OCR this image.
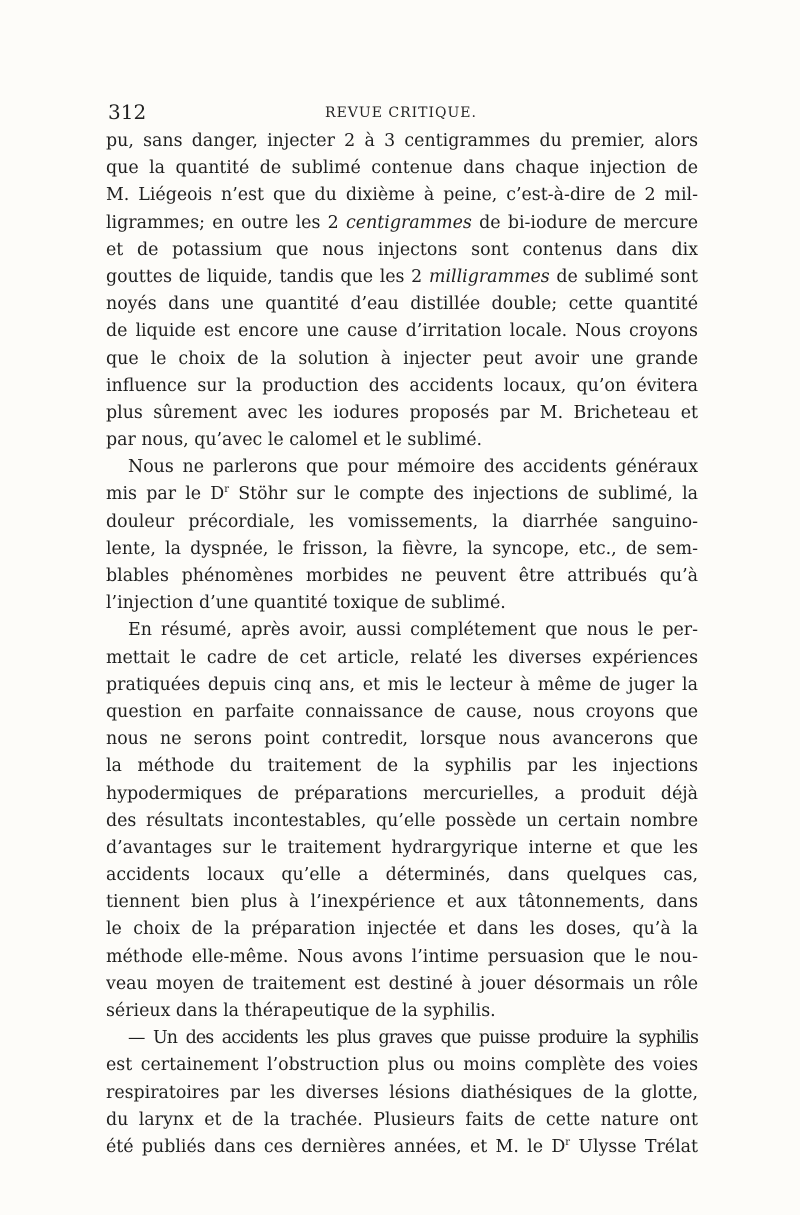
312	REVUE CRITIQUE.
pu, sans danger, injecter 2 à 3 centigrammes du premier, alors
que la quantité de sublimé contenue dans chaque injection de
M. Liégeois n’est que du dixième à peine, c’est-à-dire de 2 mil-
ligrammes; en outre les 2 centigrammes de bi-iodure de mercure
et de potassium que nous injectons sont contenus dans dix
gouttes de liquide, tandis que les 2 milligrammes de sublimé sont
noyés dans une quantité d’eau distillée double; cette quantité
de liquide est encore une cause d’irritation locale. Nous croyons
que le choix de la solution à injecter peut avoir une grande
influence sur la production des accidents locaux, qu’on évitera
plus sûrement avec les iodures proposés par M. Bricheteau et
par nous, qu’avec le calomel et le sublimé.
Nous ne parlerons que pour mémoire des accidents généraux
mis par le $D^r$ Stöhr sur le compte des injections de sublimé, la
douleur précordiale, les vomissements, la diarrhée sanguino-
lente, la dyspnée, le frisson, la fièvre, la syncope, etc., de sem-
blables phénomènes morbides ne peuvent être attribués qu’à
l’injection d’une quantité toxique de sublimé.
En résumé, après avoir, aussi complétement que nous le per-
mettait le cadre de cet article, relaté les diverses expériences
pratiquées depuis cinq ans, et mis le lecteur à même de juger la
question en parfaite connaissance de cause, nous croyons que
nous ne serons point contredit, lorsque nous avancerons que
la méthode du traitement de la syphilis par les injections
hypodermiques de préparations mercurielles, a produit déjà
des résultats incontestables, qu’elle possède un certain nombre
d’avantages sur le traitement hydrargyrique interne et que les
accidents locaux qu’elle a déterminés, dans quelques cas,
tiennent bien plus à l’inexpérience et aux tâtonnements, dans
le choix de la préparation injectée et dans les doses, qu’à la
méthode elle-même. Nous avons l’intime persuasion que le nou-
veau moyen de traitement est destiné à jouer désormais un rôle
sérieux dans la thérapeutique de la syphilis.
— Un des accidents les plus graves que puisse produire la syphilis
est certainement l’obstruction plus ou moins complète des voies
respiratoires par les diverses lésions diathésiques de la glotte,
du larynx et de la trachée. Plusieurs faits de cette nature ont
été publiés dans ces dernières années, et M. le $D^r$ Ulysse Trélat
